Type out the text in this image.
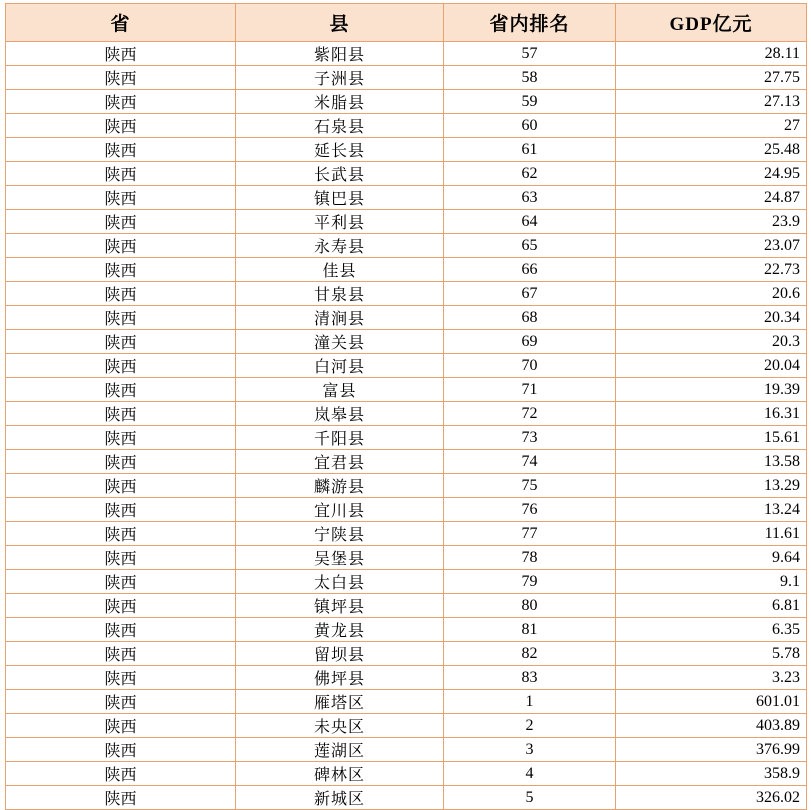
省	县	省内排名	GDP亿元
陕西	紫阳县	57	28.11
陕西	子洲县	58	27.75
陕西	米脂县	59	27.13
陕西	石泉县	60	27
陕西	延长县	61	25.48
陕西	长武县	62	24.95
陕西	镇巴县	63	24.87
陕西	平利县	64	23.9
陕西	永寿县	65	23.07
陕西	佳县	66	22.73
陕西	甘泉县	67	20.6
陕西	清涧县	68	20.34
陕西	潼关县	69	20.3
陕西	白河县	70	20.04
陕西	富县	71	19.39
陕西	岚皋县	72	16.31
陕西	千阳县	73	15.61
陕西	宜君县	74	13.58
陕西	麟游县	75	13.29
陕西	宜川县	76	13.24
陕西	宁陕县	77	11.61
陕西	吴堡县	78	9.64
陕西	太白县	79	9.1
陕西	镇坪县	80	6.81
陕西	黄龙县	81	6.35
陕西	留坝县	82	5.78
陕西	佛坪县	83	3.23
陕西	雁塔区	1	601.01
陕西	未央区	2	403.89
陕西	莲湖区	3	376.99
陕西	碑林区	4	358.9
陕西	新城区	5	326.02
